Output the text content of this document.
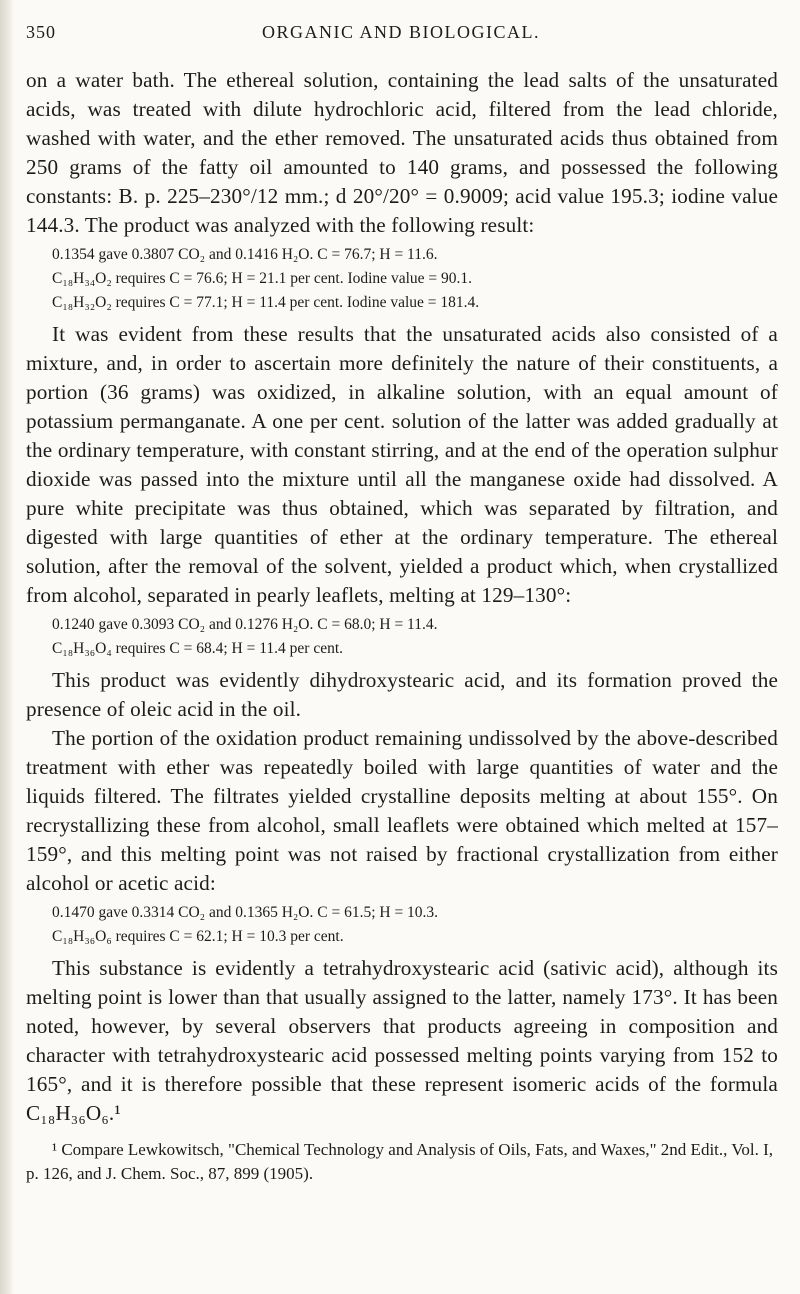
350	ORGANIC AND BIOLOGICAL.

on a water bath. The ethereal solution, containing the lead salts of the unsaturated acids, was treated with dilute hydrochloric acid, filtered from the lead chloride, washed with water, and the ether removed. The unsaturated acids thus obtained from 250 grams of the fatty oil amounted to 140 grams, and possessed the following constants: B. p. 225–230°/12 mm.; d 20°/20° = 0.9009; acid value 195.3; iodine value 144.3. The product was analyzed with the following result:

0.1354 gave 0.3807 CO₂ and 0.1416 H₂O. C = 76.7; H = 11.6.
C₁₈H₃₄O₂ requires C = 76.6; H = 21.1 per cent. Iodine value = 90.1.
C₁₈H₃₂O₂ requires C = 77.1; H = 11.4 per cent. Iodine value = 181.4.

It was evident from these results that the unsaturated acids also consisted of a mixture, and, in order to ascertain more definitely the nature of their constituents, a portion (36 grams) was oxidized, in alkaline solution, with an equal amount of potassium permanganate. A one per cent. solution of the latter was added gradually at the ordinary temperature, with constant stirring, and at the end of the operation sulphur dioxide was passed into the mixture until all the manganese oxide had dissolved. A pure white precipitate was thus obtained, which was separated by filtration, and digested with large quantities of ether at the ordinary temperature. The ethereal solution, after the removal of the solvent, yielded a product which, when crystallized from alcohol, separated in pearly leaflets, melting at 129–130°:

0.1240 gave 0.3093 CO₂ and 0.1276 H₂O. C = 68.0; H = 11.4.
C₁₈H₃₆O₄ requires C = 68.4; H = 11.4 per cent.

This product was evidently dihydroxystearic acid, and its formation proved the presence of oleic acid in the oil.

The portion of the oxidation product remaining undissolved by the above-described treatment with ether was repeatedly boiled with large quantities of water and the liquids filtered. The filtrates yielded crystalline deposits melting at about 155°. On recrystallizing these from alcohol, small leaflets were obtained which melted at 157–159°, and this melting point was not raised by fractional crystallization from either alcohol or acetic acid:

0.1470 gave 0.3314 CO₂ and 0.1365 H₂O. C = 61.5; H = 10.3.
C₁₈H₃₆O₆ requires C = 62.1; H = 10.3 per cent.

This substance is evidently a tetrahydroxystearic acid (sativic acid), although its melting point is lower than that usually assigned to the latter, namely 173°. It has been noted, however, by several observers that products agreeing in composition and character with tetrahydroxystearic acid possessed melting points varying from 152 to 165°, and it is therefore possible that these represent isomeric acids of the formula C₁₈H₃₆O₆.¹

¹ Compare Lewkowitsch, "Chemical Technology and Analysis of Oils, Fats, and Waxes," 2nd Edit., Vol. I, p. 126, and J. Chem. Soc., 87, 899 (1905).
